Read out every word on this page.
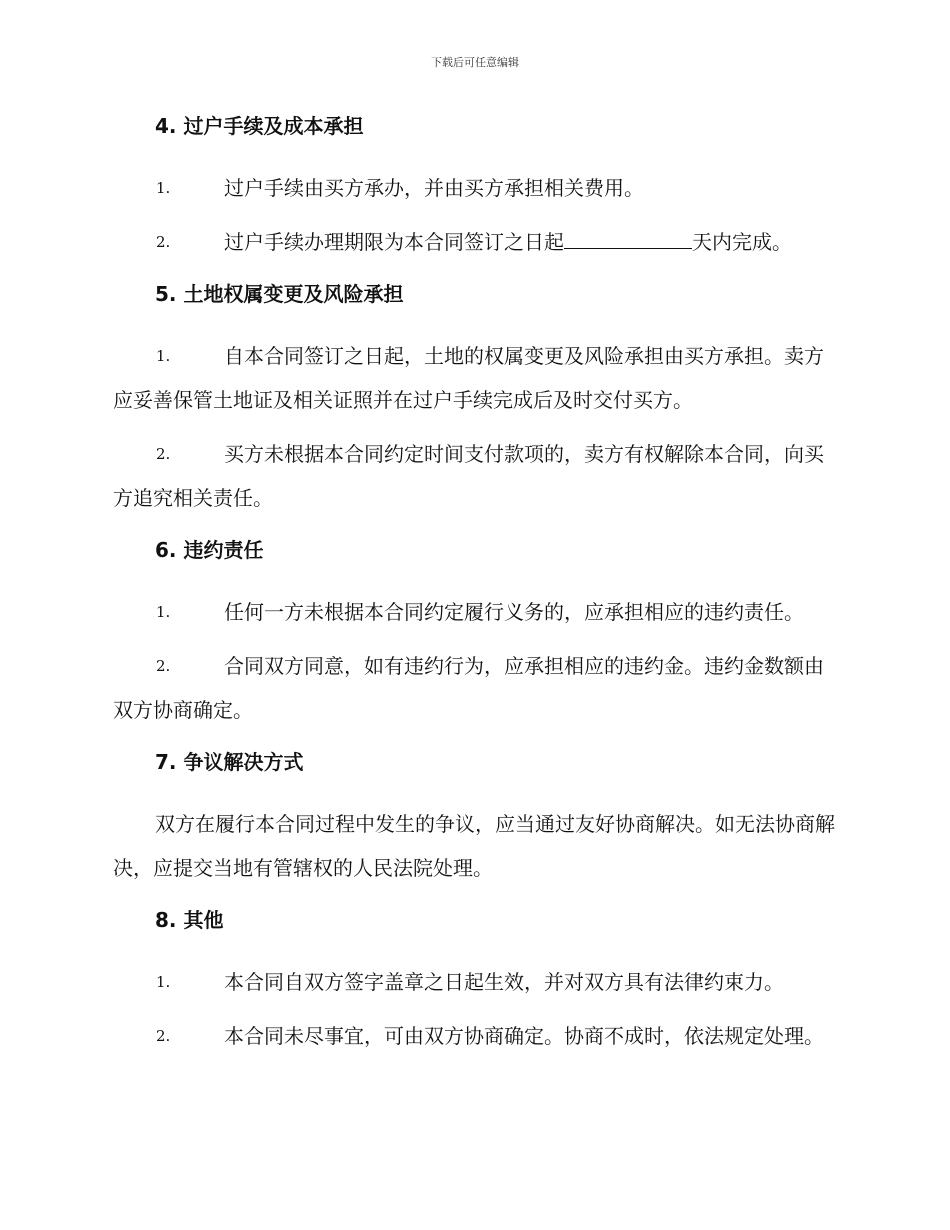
下载后可任意编辑
4. 过户手续及成本承担

1.	过户手续由买方承办，并由买方承担相关费用。

2.	过户手续办理期限为本合同签订之日起	天内完成。

5. 土地权属变更及风险承担

1.	自本合同签订之日起，土地的权属变更及风险承担由买方承担。卖方应妥善保管土地证及相关证照并在过户手续完成后及时交付买方。

2.	买方未根据本合同约定时间支付款项的，卖方有权解除本合同，向买方追究相关责任。

6. 违约责任

1.	任何一方未根据本合同约定履行义务的，应承担相应的违约责任。

2.	合同双方同意，如有违约行为，应承担相应的违约金。违约金数额由双方协商确定。

7. 争议解决方式

双方在履行本合同过程中发生的争议，应当通过友好协商解决。如无法协商解决，应提交当地有管辖权的人民法院处理。

8. 其他

1.	本合同自双方签字盖章之日起生效，并对双方具有法律约束力。

2.	本合同未尽事宜，可由双方协商确定。协商不成时，依法规定处理。
